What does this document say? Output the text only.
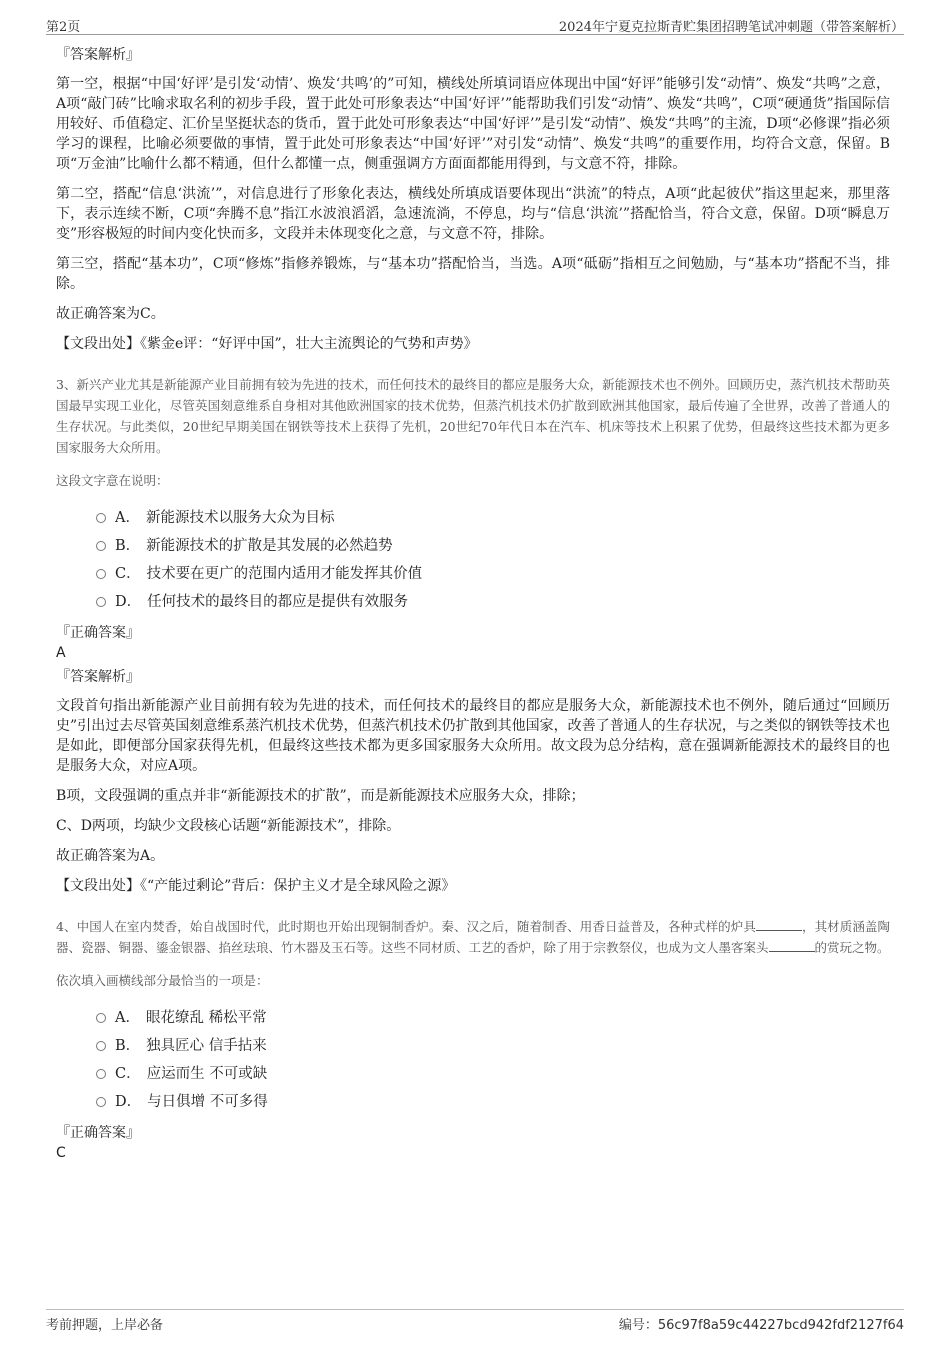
第2页	2024年宁夏克拉斯青贮集团招聘笔试冲刺题（带答案解析）
『答案解析』

第一空，根据“中国‘好评’是引发‘动情’、焕发‘共鸣’的”可知，横线处所填词语应体现出中国“好评”能够引发“动情”、焕发“共鸣”之意，A项“敲门砖”比喻求取名利的初步手段，置于此处可形象表达“中国‘好评’”能帮助我们引发“动情”、焕发“共鸣”，C项“硬通货”指国际信用较好、币值稳定、汇价呈坚挺状态的货币，置于此处可形象表达“中国‘好评’”是引发“动情”、焕发“共鸣”的主流，D项“必修课”指必须学习的课程，比喻必须要做的事情，置于此处可形象表达“中国‘好评’”对引发“动情”、焕发“共鸣”的重要作用，均符合文意，保留。B项“万金油”比喻什么都不精通，但什么都懂一点，侧重强调方方面面都能用得到，与文意不符，排除。

第二空，搭配“信息‘洪流’”，对信息进行了形象化表达，横线处所填成语要体现出“洪流”的特点，A项“此起彼伏”指这里起来，那里落下，表示连续不断，C项“奔腾不息”指江水波浪滔滔，急速流淌，不停息，均与“信息‘洪流’”搭配恰当，符合文意，保留。D项“瞬息万变”形容极短的时间内变化快而多，文段并未体现变化之意，与文意不符，排除。

第三空，搭配“基本功”，C项“修炼”指修养锻炼，与“基本功”搭配恰当，当选。A项“砥砺”指相互之间勉励，与“基本功”搭配不当，排除。

故正确答案为C。

【文段出处】《紫金e评：“好评中国”，壮大主流舆论的气势和声势》

3、新兴产业尤其是新能源产业目前拥有较为先进的技术，而任何技术的最终目的都应是服务大众，新能源技术也不例外。回顾历史，蒸汽机技术帮助英国最早实现工业化，尽管英国刻意维系自身相对其他欧洲国家的技术优势，但蒸汽机技术仍扩散到欧洲其他国家，最后传遍了全世界，改善了普通人的生存状况。与此类似，20世纪早期美国在钢铁等技术上获得了先机，20世纪70年代日本在汽车、机床等技术上积累了优势，但最终这些技术都为更多国家服务大众所用。

这段文字意在说明：
A． 新能源技术以服务大众为目标
B． 新能源技术的扩散是其发展的必然趋势
C． 技术要在更广的范围内适用才能发挥其价值
D． 任何技术的最终目的都应是提供有效服务
『正确答案』
A
『答案解析』

文段首句指出新能源产业目前拥有较为先进的技术，而任何技术的最终目的都应是服务大众，新能源技术也不例外，随后通过“回顾历史”引出过去尽管英国刻意维系蒸汽机技术优势，但蒸汽机技术仍扩散到其他国家，改善了普通人的生存状况，与之类似的钢铁等技术也是如此，即便部分国家获得先机，但最终这些技术都为更多国家服务大众所用。故文段为总分结构，意在强调新能源技术的最终目的也是服务大众，对应A项。

B项，文段强调的重点并非“新能源技术的扩散”，而是新能源技术应服务大众，排除；

C、D两项，均缺少文段核心话题“新能源技术”，排除。

故正确答案为A。

【文段出处】《“产能过剩论”背后：保护主义才是全球风险之源》

4、中国人在室内焚香，始自战国时代，此时期也开始出现铜制香炉。秦、汉之后，随着制香、用香日益普及，各种式样的炉具	，其材质涵盖陶器、瓷器、铜器、鎏金银器、掐丝珐琅、竹木器及玉石等。这些不同材质、工艺的香炉，除了用于宗教祭仪，也成为文人墨客案头	的赏玩之物。

依次填入画横线部分最恰当的一项是：
A． 眼花缭乱 稀松平常
B． 独具匠心 信手拈来
C． 应运而生 不可或缺
D． 与日俱增 不可多得
『正确答案』
C
考前押题，上岸必备	编号：56c97f8a59c44227bcd942fdf2127f64
